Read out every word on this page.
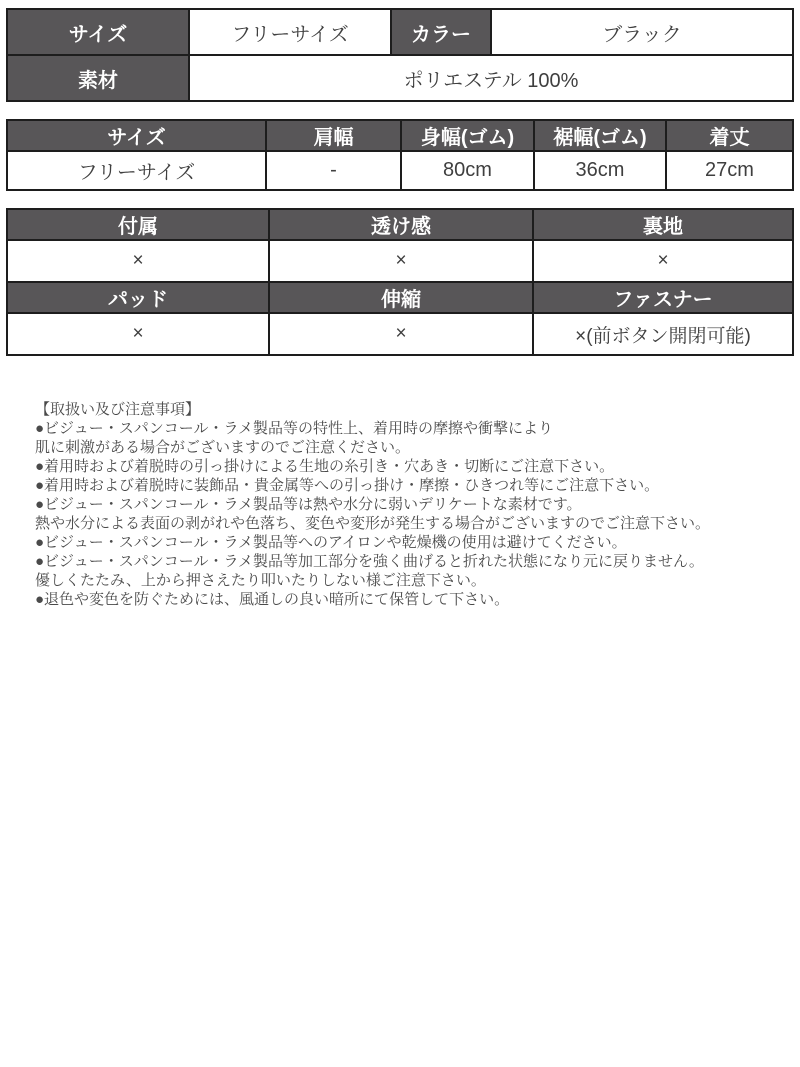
サイズ	フリーサイズ	カラー	ブラック
素材	ポリエステル 100%		
サイズ	肩幅	身幅(ゴム)	裾幅(ゴム)	着丈
フリーサイズ	-	80cm	36cm	27cm
付属	透け感	裏地
×	×	×
パッド	伸縮	ファスナー
×	×	×(前ボタン開閉可能)
【取扱い及び注意事項】
●ビジュー・スパンコール・ラメ製品等の特性上、着用時の摩擦や衝撃により
肌に刺激がある場合がございますのでご注意ください。
●着用時および着脱時の引っ掛けによる生地の糸引き・穴あき・切断にご注意下さい。
●着用時および着脱時に装飾品・貴金属等への引っ掛け・摩擦・ひきつれ等にご注意下さい。
●ビジュー・スパンコール・ラメ製品等は熱や水分に弱いデリケートな素材です。
熱や水分による表面の剥がれや色落ち、変色や変形が発生する場合がございますのでご注意下さい。
●ビジュー・スパンコール・ラメ製品等へのアイロンや乾燥機の使用は避けてください。
●ビジュー・スパンコール・ラメ製品等加工部分を強く曲げると折れた状態になり元に戻りません。
優しくたたみ、上から押さえたり叩いたりしない様ご注意下さい。
●退色や変色を防ぐためには、風通しの良い暗所にて保管して下さい。
